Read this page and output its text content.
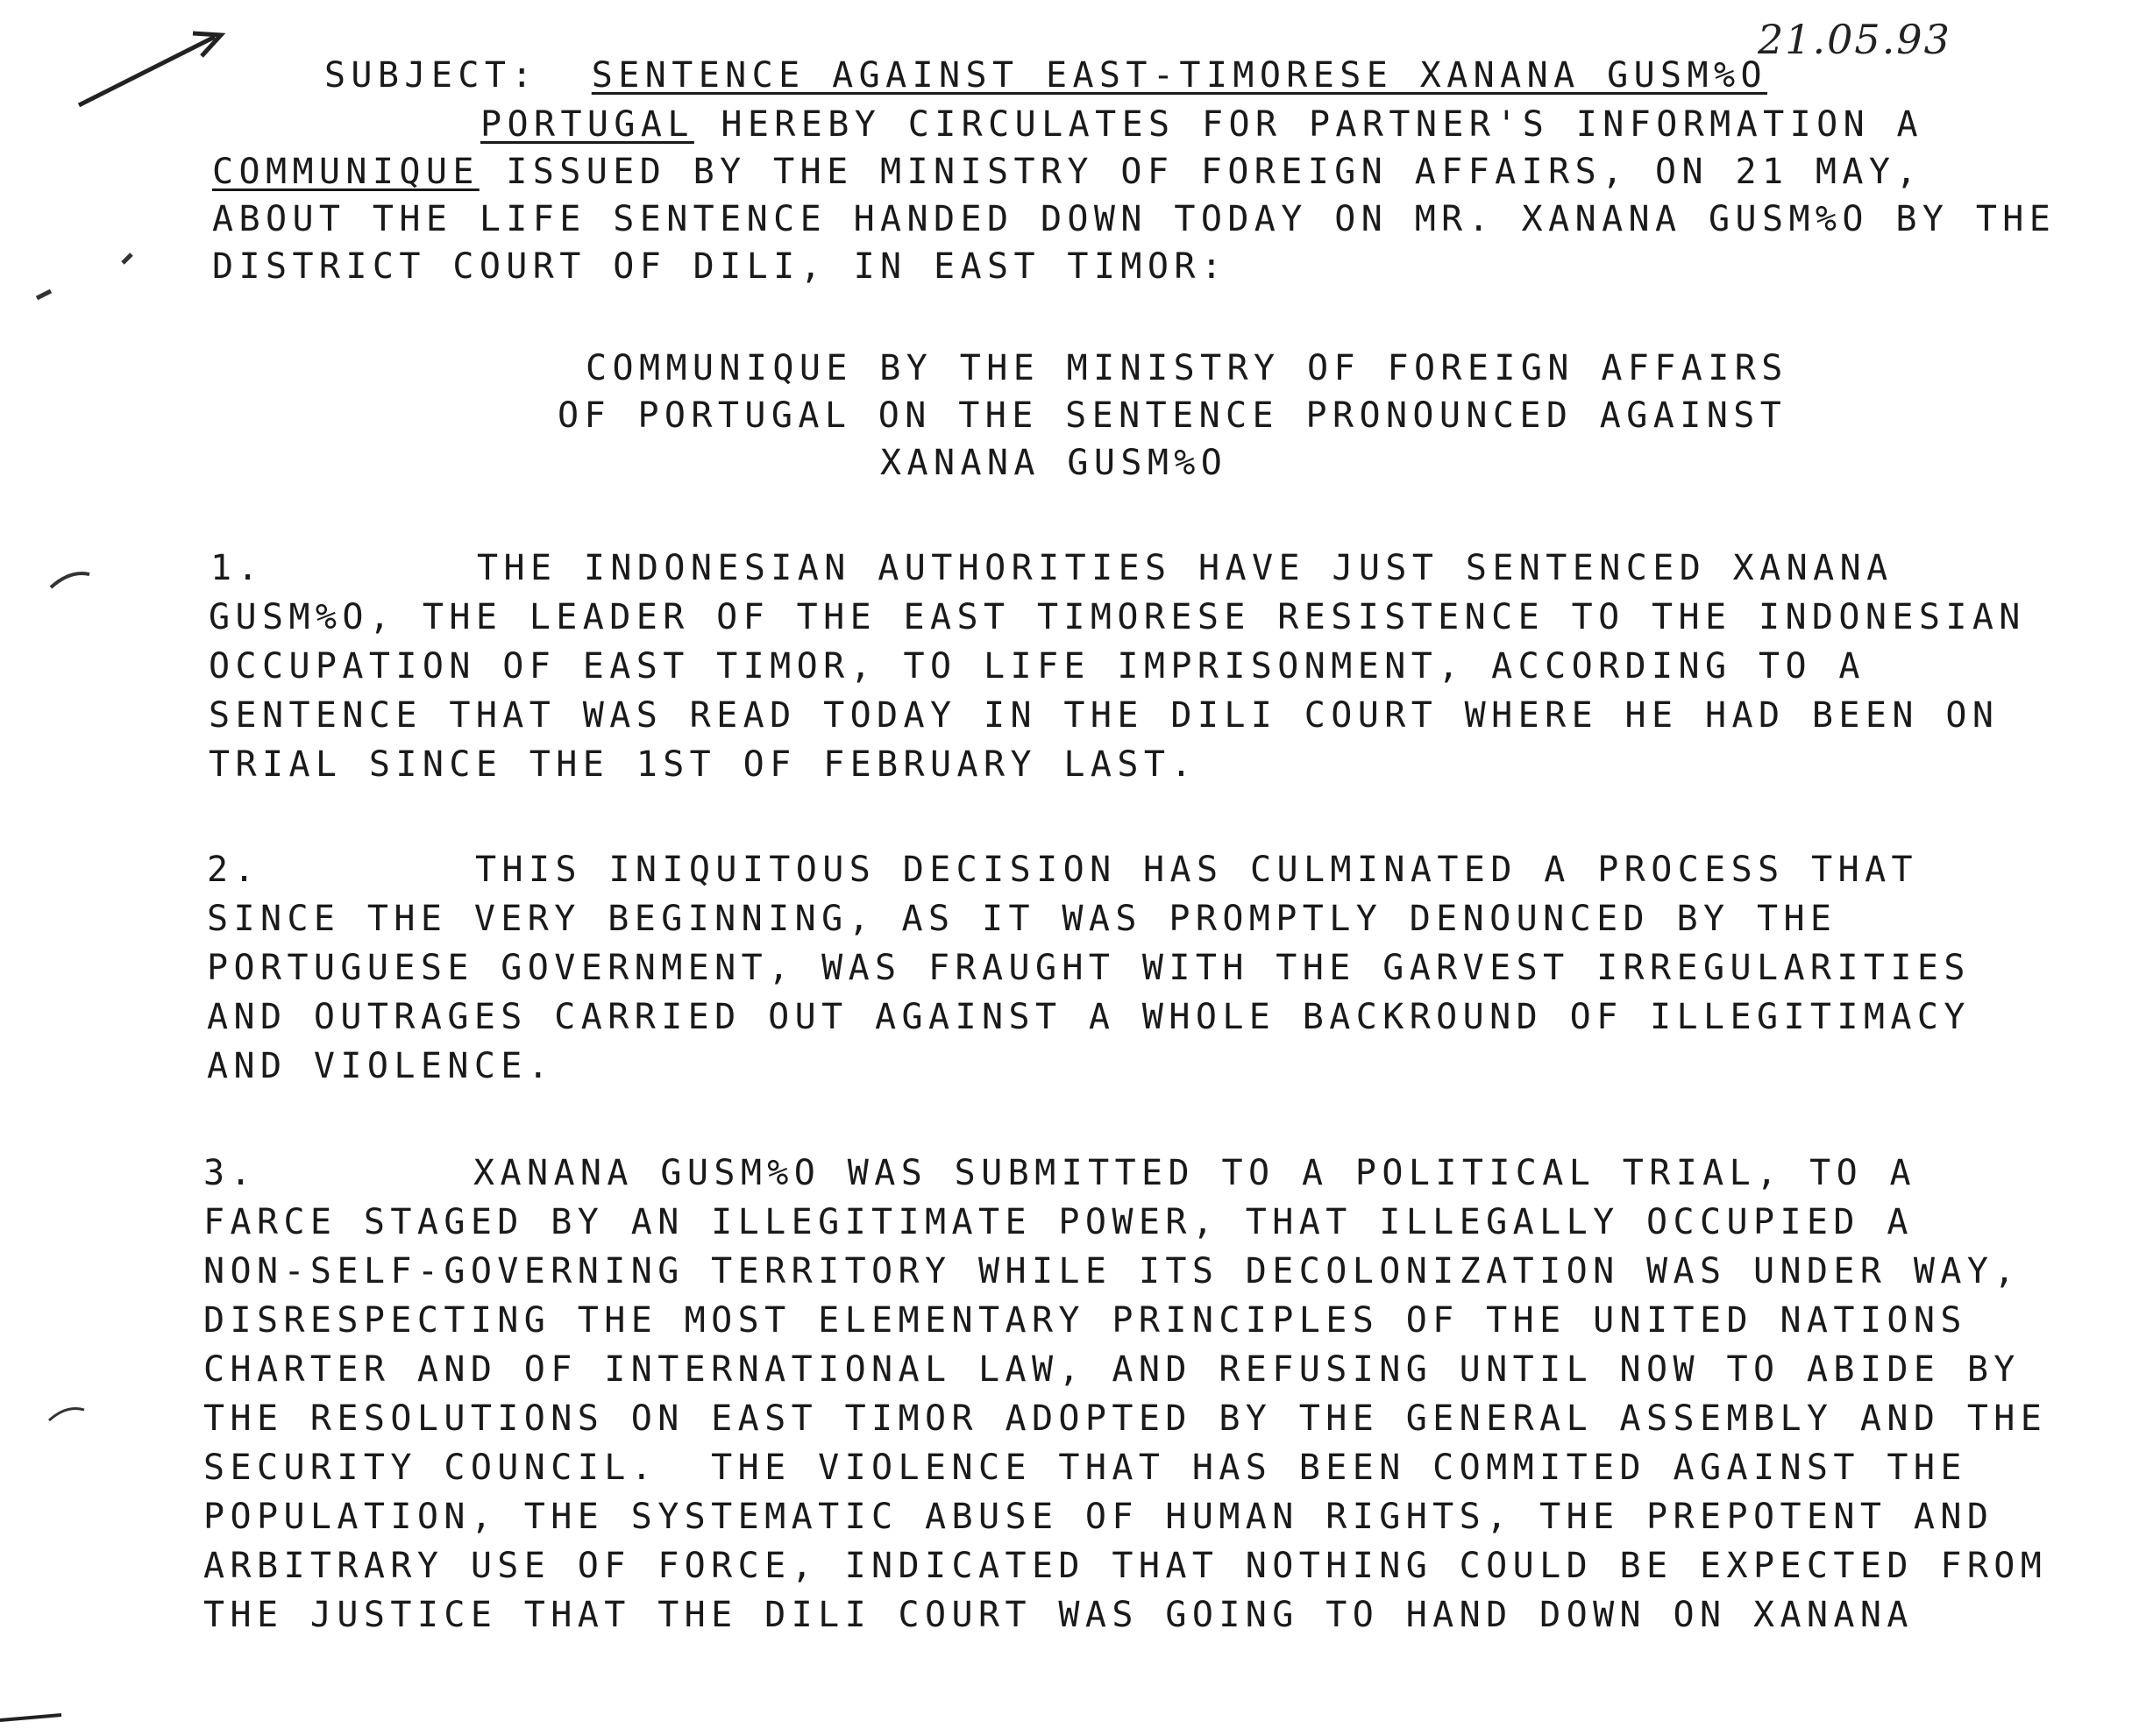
SUBJECT: SENTENCE AGAINST EAST-TIMORESE XANANA GUSM%O

21.05.93
PORTUGAL HEREBY CIRCULATES FOR PARTNER'S INFORMATION A
COMMUNIQUE ISSUED BY THE MINISTRY OF FOREIGN AFFAIRS, ON 21 MAY,
ABOUT THE LIFE SENTENCE HANDED DOWN TODAY ON MR. XANANA GUSM%O BY THE
DISTRICT COURT OF DILI, IN EAST TIMOR:
COMMUNIQUE BY THE MINISTRY OF FOREIGN AFFAIRS
OF PORTUGAL ON THE SENTENCE PRONOUNCED AGAINST
XANANA GUSM%O
1.	THE INDONESIAN AUTHORITIES HAVE JUST SENTENCED XANANA
GUSM%O, THE LEADER OF THE EAST TIMORESE RESISTENCE TO THE INDONESIAN
OCCUPATION OF EAST TIMOR, TO LIFE IMPRISONMENT, ACCORDING TO A
SENTENCE THAT WAS READ TODAY IN THE DILI COURT WHERE HE HAD BEEN ON
TRIAL SINCE THE 1ST OF FEBRUARY LAST.
2.	THIS INIQUITOUS DECISION HAS CULMINATED A PROCESS THAT
SINCE THE VERY BEGINNING, AS IT WAS PROMPTLY DENOUNCED BY THE
PORTUGUESE GOVERNMENT, WAS FRAUGHT WITH THE GARVEST IRREGULARITIES
AND OUTRAGES CARRIED OUT AGAINST A WHOLE BACKROUND OF ILLEGITIMACY
AND VIOLENCE.
3.	XANANA GUSM%O WAS SUBMITTED TO A POLITICAL TRIAL, TO A
FARCE STAGED BY AN ILLEGITIMATE POWER, THAT ILLEGALLY OCCUPIED A
NON-SELF-GOVERNING TERRITORY WHILE ITS DECOLONIZATION WAS UNDER WAY,
DISRESPECTING THE MOST ELEMENTARY PRINCIPLES OF THE UNITED NATIONS
CHARTER AND OF INTERNATIONAL LAW, AND REFUSING UNTIL NOW TO ABIDE BY
THE RESOLUTIONS ON EAST TIMOR ADOPTED BY THE GENERAL ASSEMBLY AND THE
SECURITY COUNCIL.  THE VIOLENCE THAT HAS BEEN COMMITED AGAINST THE
POPULATION, THE SYSTEMATIC ABUSE OF HUMAN RIGHTS, THE PREPOTENT AND
ARBITRARY USE OF FORCE, INDICATED THAT NOTHING COULD BE EXPECTED FROM
THE JUSTICE THAT THE DILI COURT WAS GOING TO HAND DOWN ON XANANA
